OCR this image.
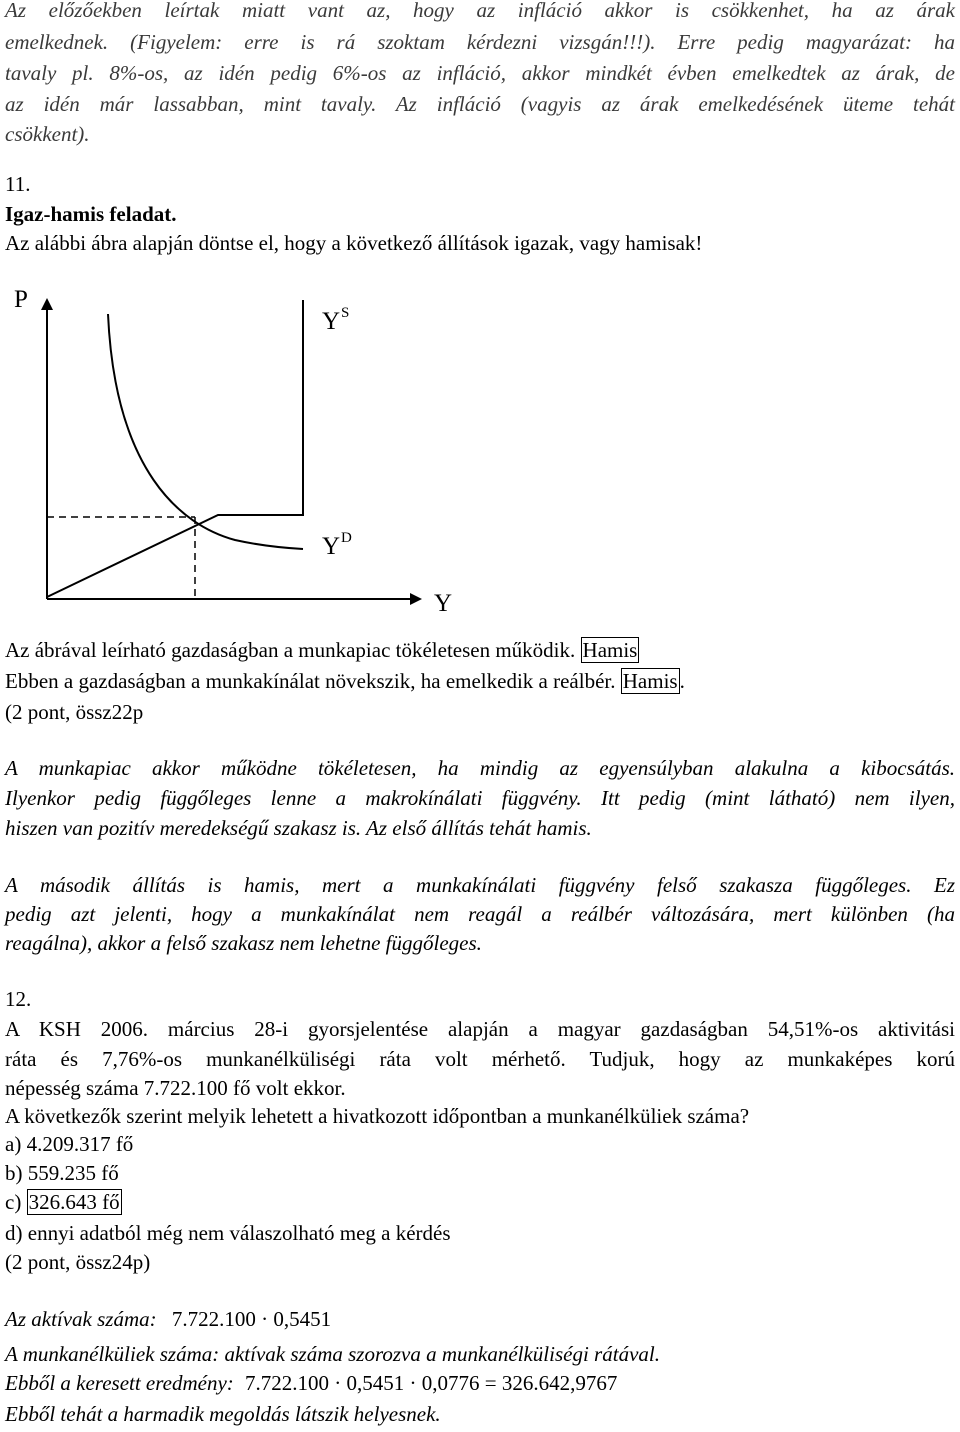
Az előzőekben leírtak miatt vant az, hogy az infláció akkor is csökkenhet, ha az árak
emelkednek. (Figyelem: erre is rá szoktam kérdezni vizsgán!!!). Erre pedig magyarázat: ha
tavaly pl. 8%-os, az idén pedig 6%-os az infláció, akkor mindkét évben emelkedtek az árak, de
az idén már lassabban, mint tavaly. Az infláció (vagyis az árak emelkedésének üteme tehát
csökkent).
11.
Igaz-hamis feladat.
Az alábbi ábra alapján döntse el, hogy a következő állítások igazak, vagy hamisak!
P
Y S
Y D
Y
Az ábrával leírható gazdaságban a munkapiac tökéletesen működik. Hamis
Ebben a gazdaságban a munkakínálat növekszik, ha emelkedik a reálbér. Hamis.
(2 pont, össz22p
A munkapiac akkor működne tökéletesen, ha mindig az egyensúlyban alakulna a kibocsátás.
Ilyenkor pedig függőleges lenne a makrokínálati függvény. Itt pedig (mint látható) nem ilyen,
hiszen van pozitív meredekségű szakasz is. Az első állítás tehát hamis.
A második állítás is hamis, mert a munkakínálati függvény felső szakasza függőleges. Ez
pedig azt jelenti, hogy a munkakínálat nem reagál a reálbér változására, mert különben (ha
reagálna), akkor a felső szakasz nem lehetne függőleges.
12.
A KSH 2006. március 28-i gyorsjelentése alapján a magyar gazdaságban 54,51%-os aktivitási
ráta és 7,76%-os munkanélküliségi ráta volt mérhető. Tudjuk, hogy az munkaképes korú
népesség száma 7.722.100 fő volt ekkor.
A következők szerint melyik lehetett a hivatkozott időpontban a munkanélküliek száma?
a) 4.209.317 fő
b) 559.235 fő
c) 326.643 fő
d) ennyi adatból még nem válaszolható meg a kérdés
(2 pont, össz24p)
Az aktívak száma: 7.722.100 · 0,5451
A munkanélküliek száma: aktívak száma szorozva a munkanélküliségi rátával.
Ebből a keresett eredmény: 7.722.100 · 0,5451 · 0,0776 = 326.642,9767
Ebből tehát a harmadik megoldás látszik helyesnek.
